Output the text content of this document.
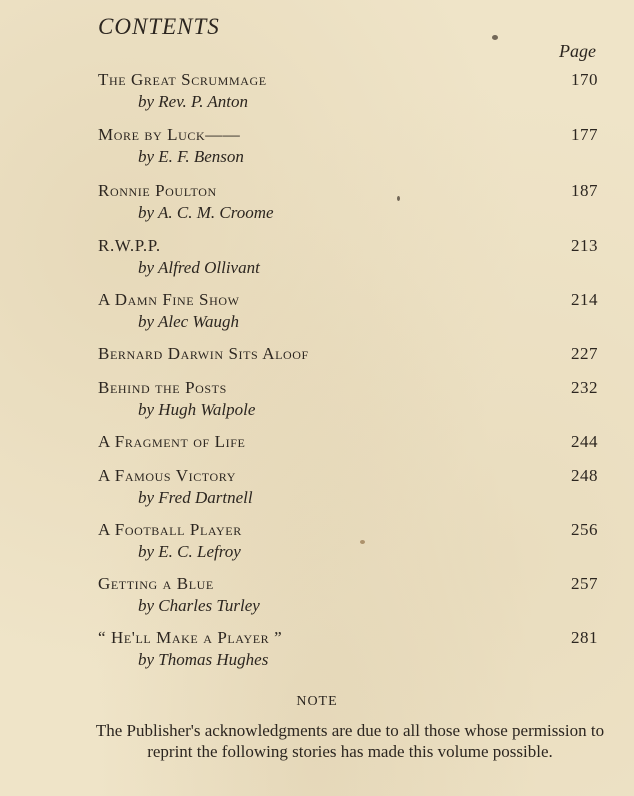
CONTENTS
Page
The Great Scrummage
by Rev. P. Anton
170
More by Luck——
by E. F. Benson
177
Ronnie Poulton
by A. C. M. Croome
187
R.W.P.P.
by Alfred Ollivant
213
A Damn Fine Show
by Alec Waugh
214
Bernard Darwin Sits Aloof	227
Behind the Posts
by Hugh Walpole
232
A Fragment of Life	244
A Famous Victory
by Fred Dartnell
248
A Football Player
by E. C. Lefroy
256
Getting a Blue
by Charles Turley
257
“ He'll Make a Player ”
by Thomas Hughes
281
NOTE
The Publisher's acknowledgments are due to all those whose permission to reprint the following stories has made this volume possible.
